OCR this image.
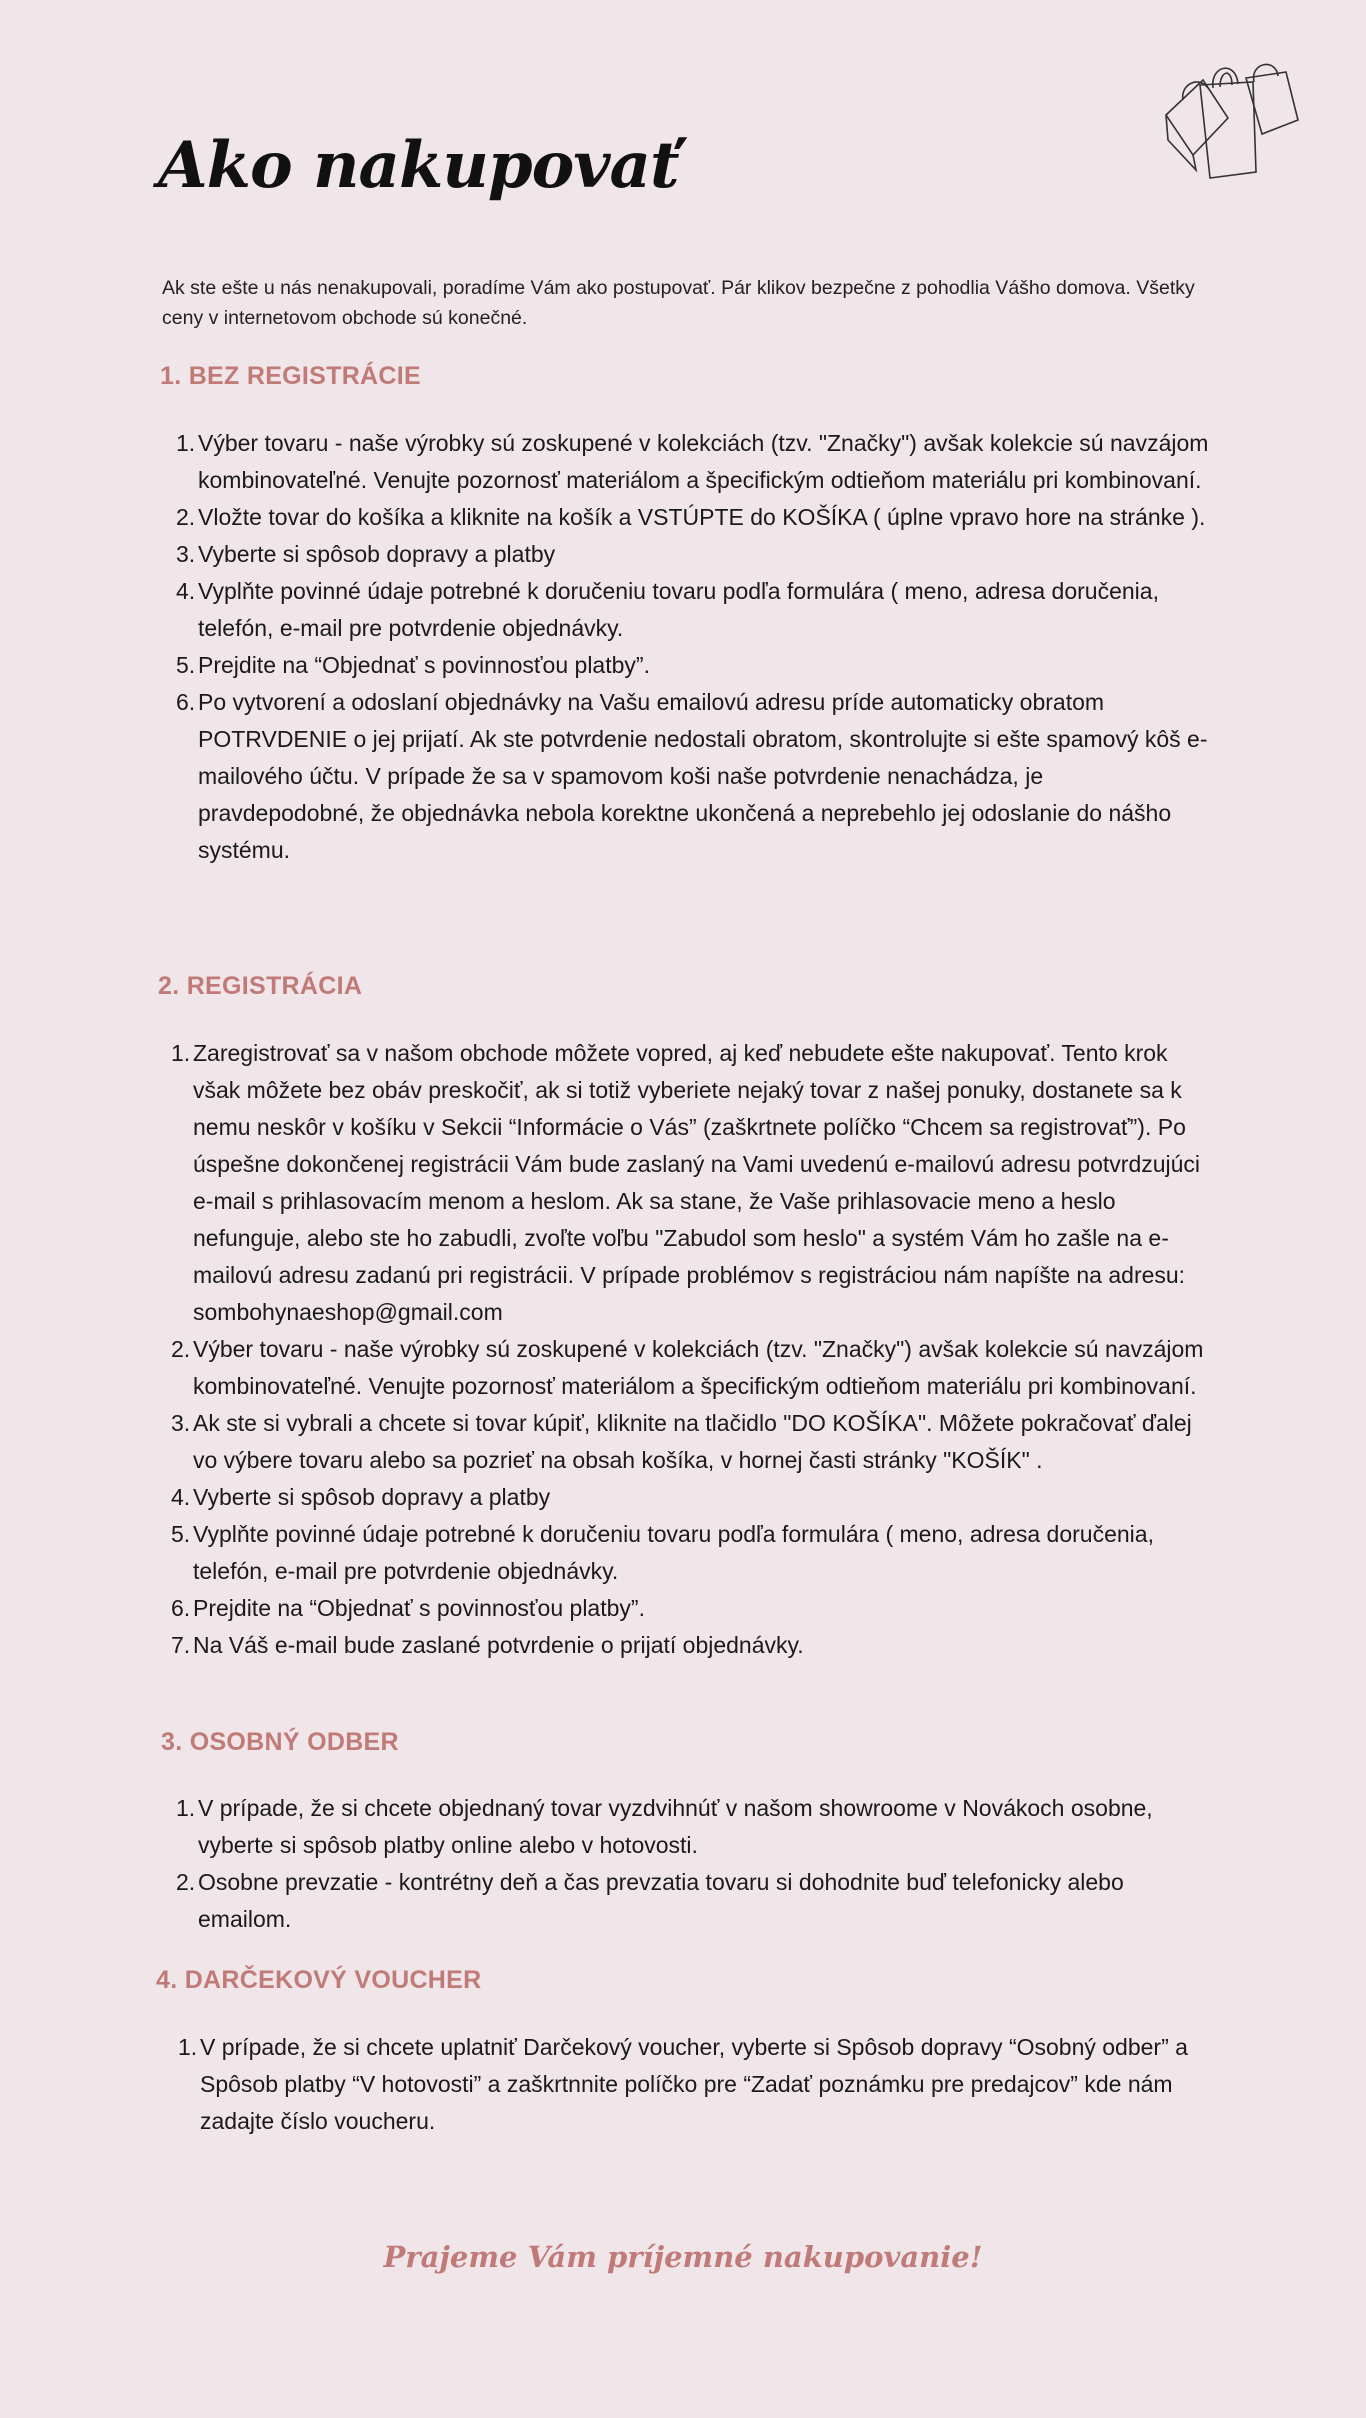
Ako nakupovať

Ak ste ešte u nás nenakupovali, poradíme Vám ako postupovať. Pár klikov bezpečne z pohodlia Vášho domova. Všetky ceny v internetovom obchode sú konečné.

1. BEZ REGISTRÁCIE
1. Výber tovaru - naše výrobky sú zoskupené v kolekciách (tzv. "Značky") avšak kolekcie sú navzájom kombinovateľné. Venujte pozornosť materiálom a špecifickým odtieňom materiálu pri kombinovaní.
2. Vložte tovar do košíka a kliknite na košík a VSTÚPTE do KOŠÍKA ( úplne vpravo hore na stránke ).
3. Vyberte si spôsob dopravy a platby
4. Vyplňte povinné údaje potrebné k doručeniu tovaru podľa formulára ( meno, adresa doručenia, telefón, e-mail pre potvrdenie objednávky.
5. Prejdite na “Objednať s povinnosťou platby”.
6. Po vytvorení a odoslaní objednávky na Vašu emailovú adresu príde automaticky obratom POTRVDENIE o jej prijatí. Ak ste potvrdenie nedostali obratom, skontrolujte si ešte spamový kôš e-mailového účtu. V prípade že sa v spamovom koši naše potvrdenie nenachádza, je pravdepodobné, že objednávka nebola korektne ukončená a neprebehlo jej odoslanie do nášho systému.
2. REGISTRÁCIA
1. Zaregistrovať sa v našom obchode môžete vopred, aj keď nebudete ešte nakupovať. Tento krok však môžete bez obáv preskočiť, ak si totiž vyberiete nejaký tovar z našej ponuky, dostanete sa k nemu neskôr v košíku v Sekcii “Informácie o Vás” (zaškrtnete políčko “Chcem sa registrovať”). Po úspešne dokončenej registrácii Vám bude zaslaný na Vami uvedenú e-mailovú adresu potvrdzujúci e-mail s prihlasovacím menom a heslom. Ak sa stane, že Vaše prihlasovacie meno a heslo nefunguje, alebo ste ho zabudli, zvoľte voľbu "Zabudol som heslo" a systém Vám ho zašle na e-mailovú adresu zadanú pri registrácii. V prípade problémov s registráciou nám napíšte na adresu: sombohynaeshop@gmail.com
2. Výber tovaru - naše výrobky sú zoskupené v kolekciách (tzv. "Značky") avšak kolekcie sú navzájom kombinovateľné. Venujte pozornosť materiálom a špecifickým odtieňom materiálu pri kombinovaní.
3. Ak ste si vybrali a chcete si tovar kúpiť, kliknite na tlačidlo "DO KOŠÍKA". Môžete pokračovať ďalej vo výbere tovaru alebo sa pozrieť na obsah košíka, v hornej časti stránky "KOŠÍK" .
4. Vyberte si spôsob dopravy a platby
5. Vyplňte povinné údaje potrebné k doručeniu tovaru podľa formulára ( meno, adresa doručenia, telefón, e-mail pre potvrdenie objednávky.
6. Prejdite na “Objednať s povinnosťou platby”.
7. Na Váš e-mail bude zaslané potvrdenie o prijatí objednávky.
3. OSOBNÝ ODBER
1. V prípade, že si chcete objednaný tovar vyzdvihnúť v našom showroome v Novákoch osobne, vyberte si spôsob platby online alebo v hotovosti.
2. Osobne prevzatie - kontrétny deň a čas prevzatia tovaru si dohodnite buď telefonicky alebo emailom.
4. DARČEKOVÝ VOUCHER
1. V prípade, že si chcete uplatniť Darčekový voucher, vyberte si Spôsob dopravy “Osobný odber” a Spôsob platby “V hotovosti” a zaškrtnnite políčko pre “Zadať poznámku pre predajcov” kde nám zadajte číslo voucheru.

Prajeme Vám príjemné nakupovanie!
